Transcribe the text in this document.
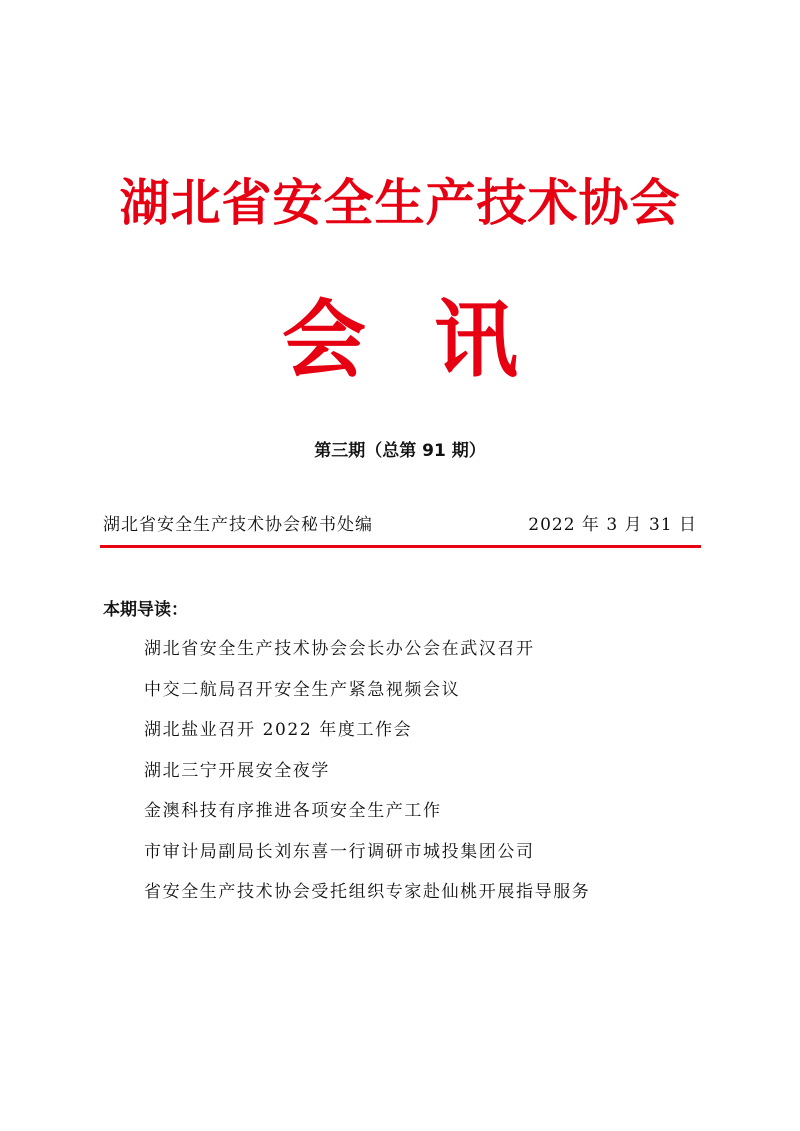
湖北省安全生产技术协会
会讯
第三期（总第 91 期）
湖北省安全生产技术协会秘书处编	2022 年 3 月 31 日
本期导读：
湖北省安全生产技术协会会长办公会在武汉召开
中交二航局召开安全生产紧急视频会议
湖北盐业召开 2022 年度工作会
湖北三宁开展安全夜学
金澳科技有序推进各项安全生产工作
市审计局副局长刘东喜一行调研市城投集团公司
省安全生产技术协会受托组织专家赴仙桃开展指导服务
